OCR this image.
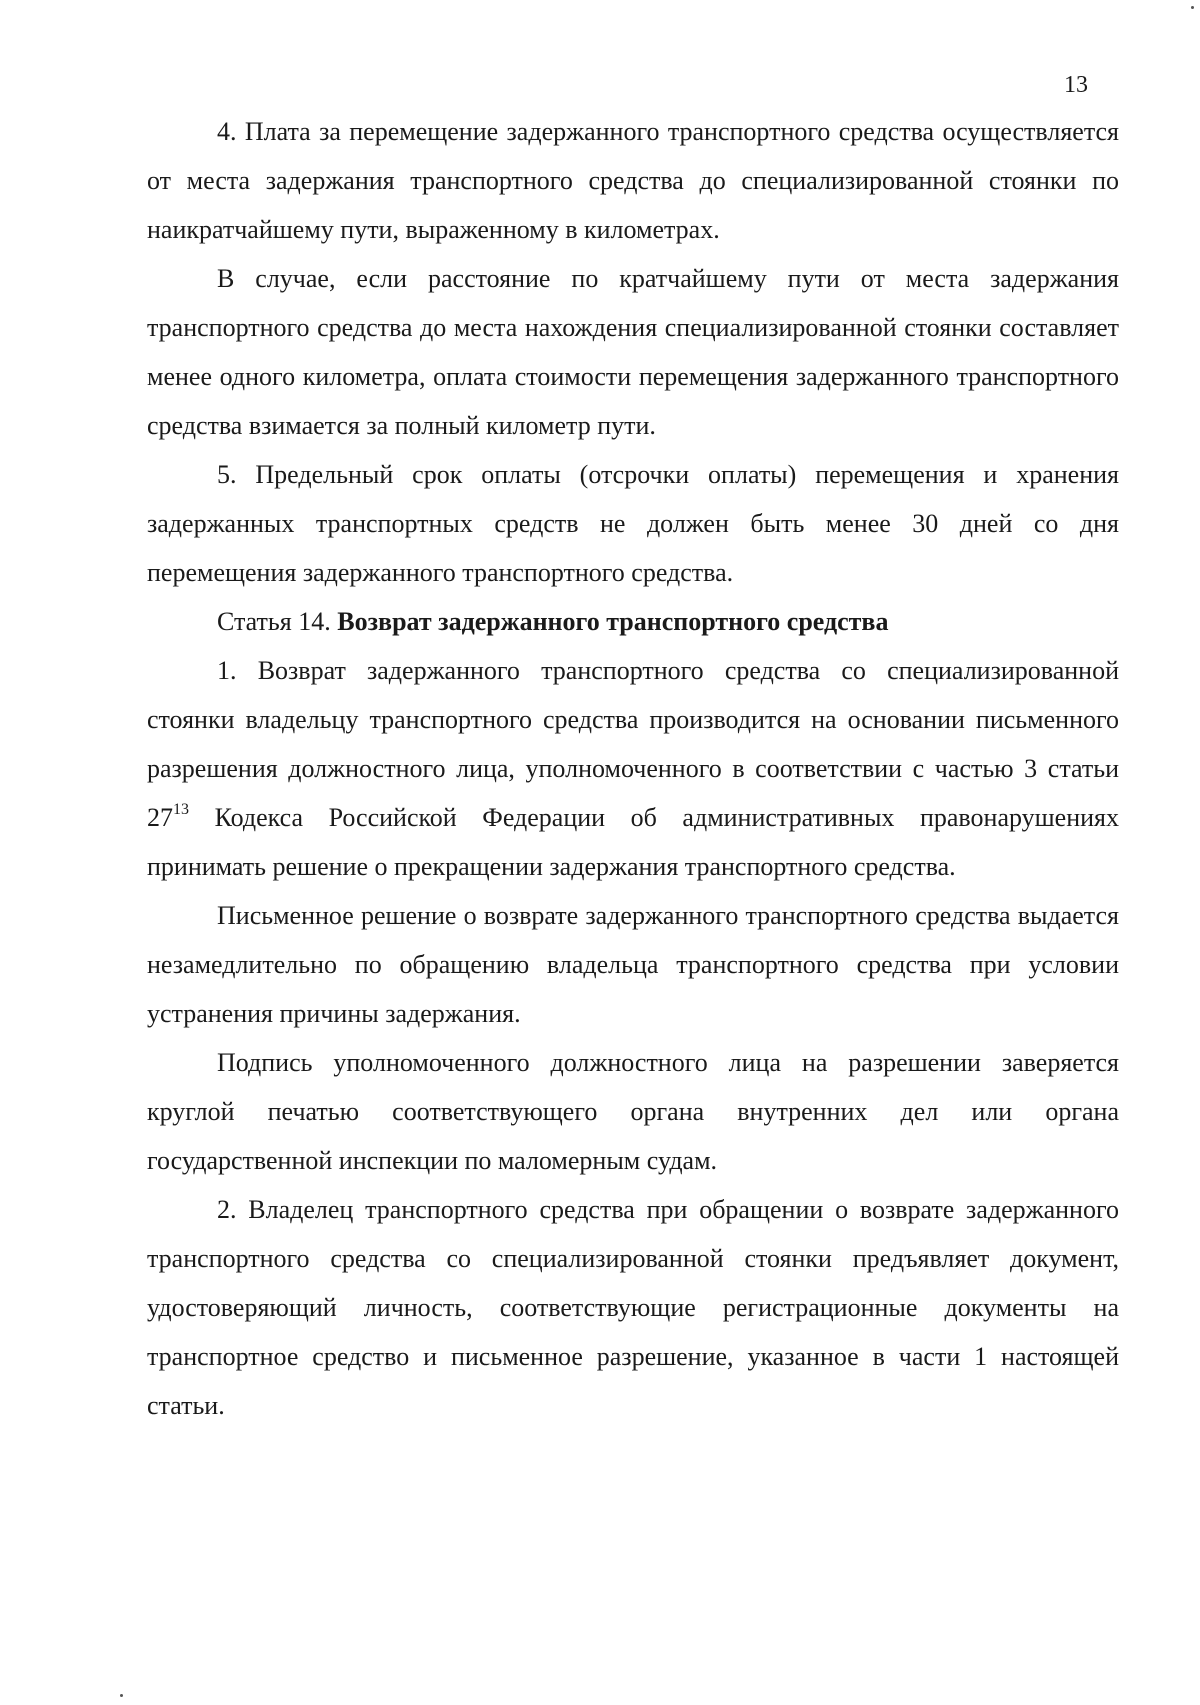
13

4. Плата за перемещение задержанного транспортного средства осуществляется от места задержания транспортного средства до специализированной стоянки по наикратчайшему пути, выраженному в километрах.

В случае, если расстояние по кратчайшему пути от места задержания транспортного средства до места нахождения специализированной стоянки составляет менее одного километра, оплата стоимости перемещения задержанного транспортного средства взимается за полный километр пути.

5. Предельный срок оплаты (отсрочки оплаты) перемещения и хранения задержанных транспортных средств не должен быть менее 30 дней со дня перемещения задержанного транспортного средства.

Статья 14. Возврат задержанного транспортного средства

1. Возврат задержанного транспортного средства со специализированной стоянки владельцу транспортного средства производится на основании письменного разрешения должностного лица, уполномоченного в соответствии с частью 3 статьи 27$^{13}$ Кодекса Российской Федерации об административных правонарушениях принимать решение о прекращении задержания транспортного средства.

Письменное решение о возврате задержанного транспортного средства выдается незамедлительно по обращению владельца транспортного средства при условии устранения причины задержания.

Подпись уполномоченного должностного лица на разрешении заверяется круглой печатью соответствующего органа внутренних дел или органа государственной инспекции по маломерным судам.

2. Владелец транспортного средства при обращении о возврате задержанного транспортного средства со специализированной стоянки предъявляет документ, удостоверяющий личность, соответствующие регистрационные документы на транспортное средство и письменное разрешение, указанное в части 1 настоящей статьи.
